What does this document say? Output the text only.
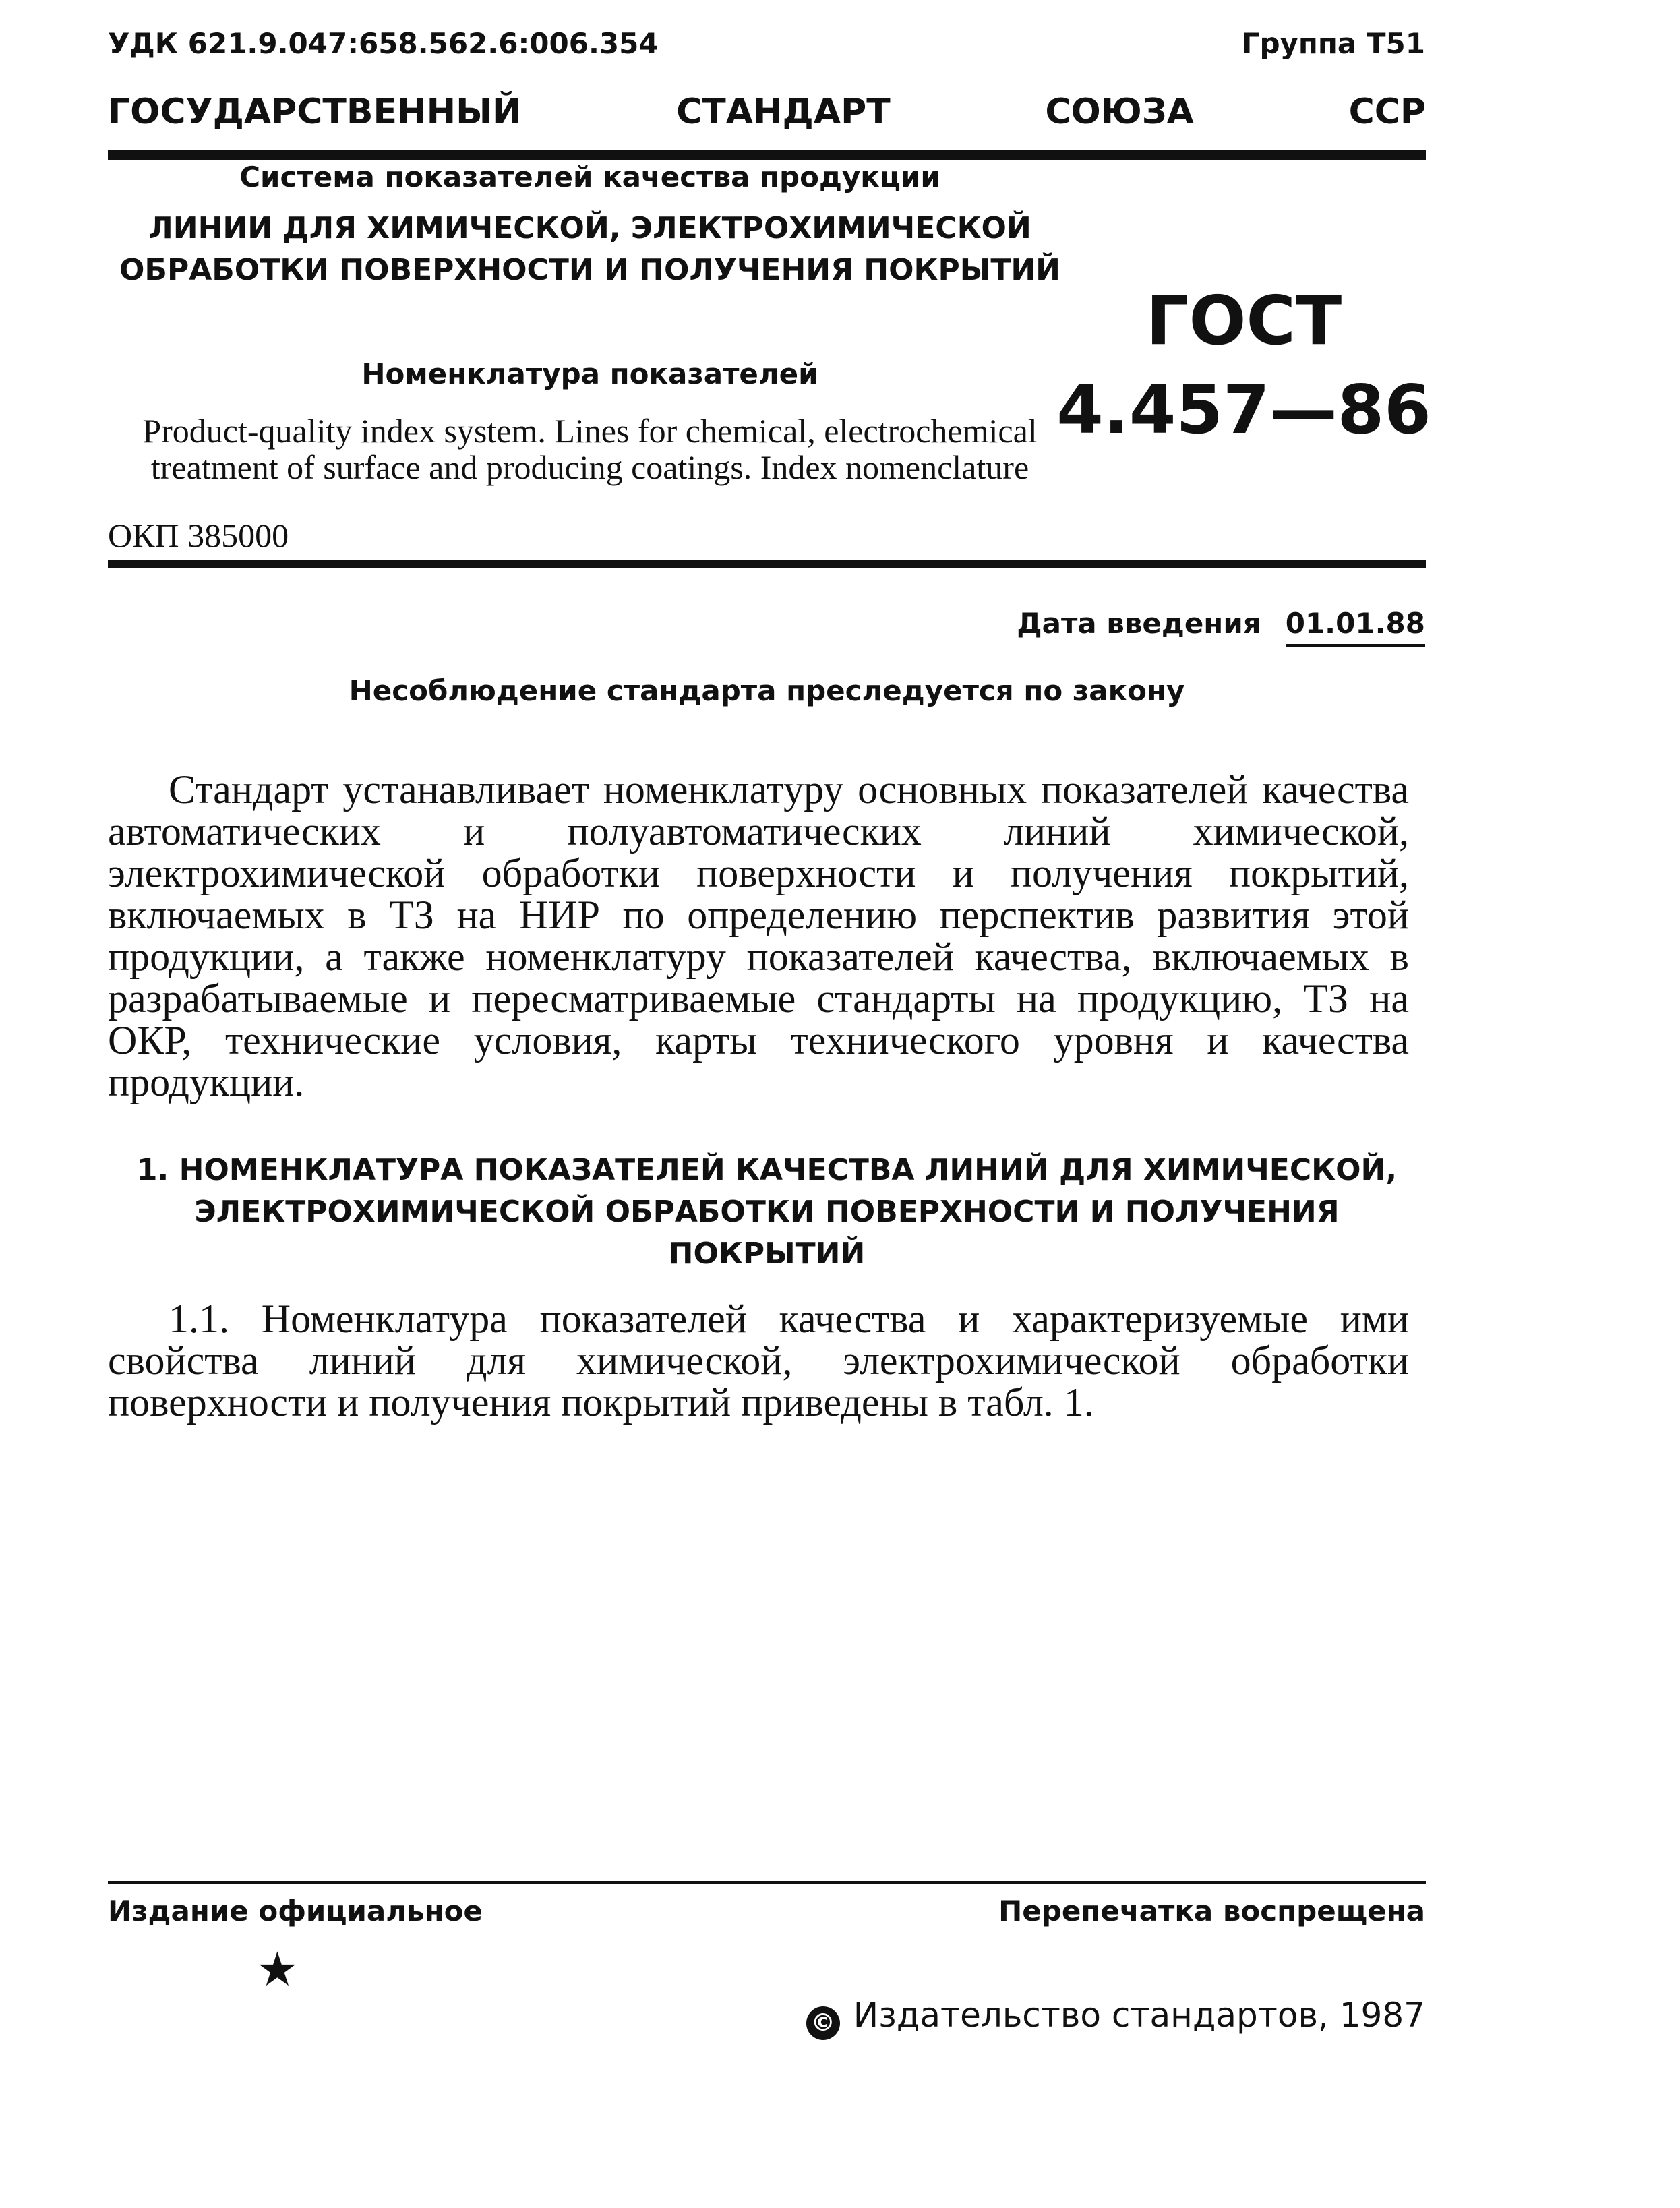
УДК 621.9.047:658.562.6:006.354	Группа Т51
ГОСУДАРСТВЕННЫЙ	СТАНДАРТ	СОЮЗА	ССР
Система показателей качества продукции
ЛИНИИ ДЛЯ ХИМИЧЕСКОЙ, ЭЛЕКТРОХИМИЧЕСКОЙ ОБРАБОТКИ ПОВЕРХНОСТИ И ПОЛУЧЕНИЯ ПОКРЫТИЙ
Номенклатура показателей
Product-quality index system. Lines for chemical, electrochemical treatment of surface and producing coatings. Index nomenclature
ОКП 385000
ГОСТ
4.457—86
Дата введения 01.01.88
Несоблюдение стандарта преследуется по закону

Стандарт устанавливает номенклатуру основных показателей качества автоматических и полуавтоматических линий химической, электрохимической обработки поверхности и получения покрытий, включаемых в ТЗ на НИР по определению перспектив развития этой продукции, а также номенклатуру показателей качества, включаемых в разрабатываемые и пересматриваемые стандарты на продукцию, ТЗ на ОКР, технические условия, карты технического уровня и качества продукции.

1. НОМЕНКЛАТУРА ПОКАЗАТЕЛЕЙ КАЧЕСТВА ЛИНИЙ ДЛЯ ХИМИЧЕСКОЙ, ЭЛЕКТРОХИМИЧЕСКОЙ ОБРАБОТКИ ПОВЕРХНОСТИ И ПОЛУЧЕНИЯ ПОКРЫТИЙ

1.1. Номенклатура показателей качества и характеризуемые ими свойства линий для химической, электрохимической обработки поверхности и получения покрытий приведены в табл. 1.

Издание официальное	Перепечатка воспрещена
★
© Издательство стандартов, 1987
